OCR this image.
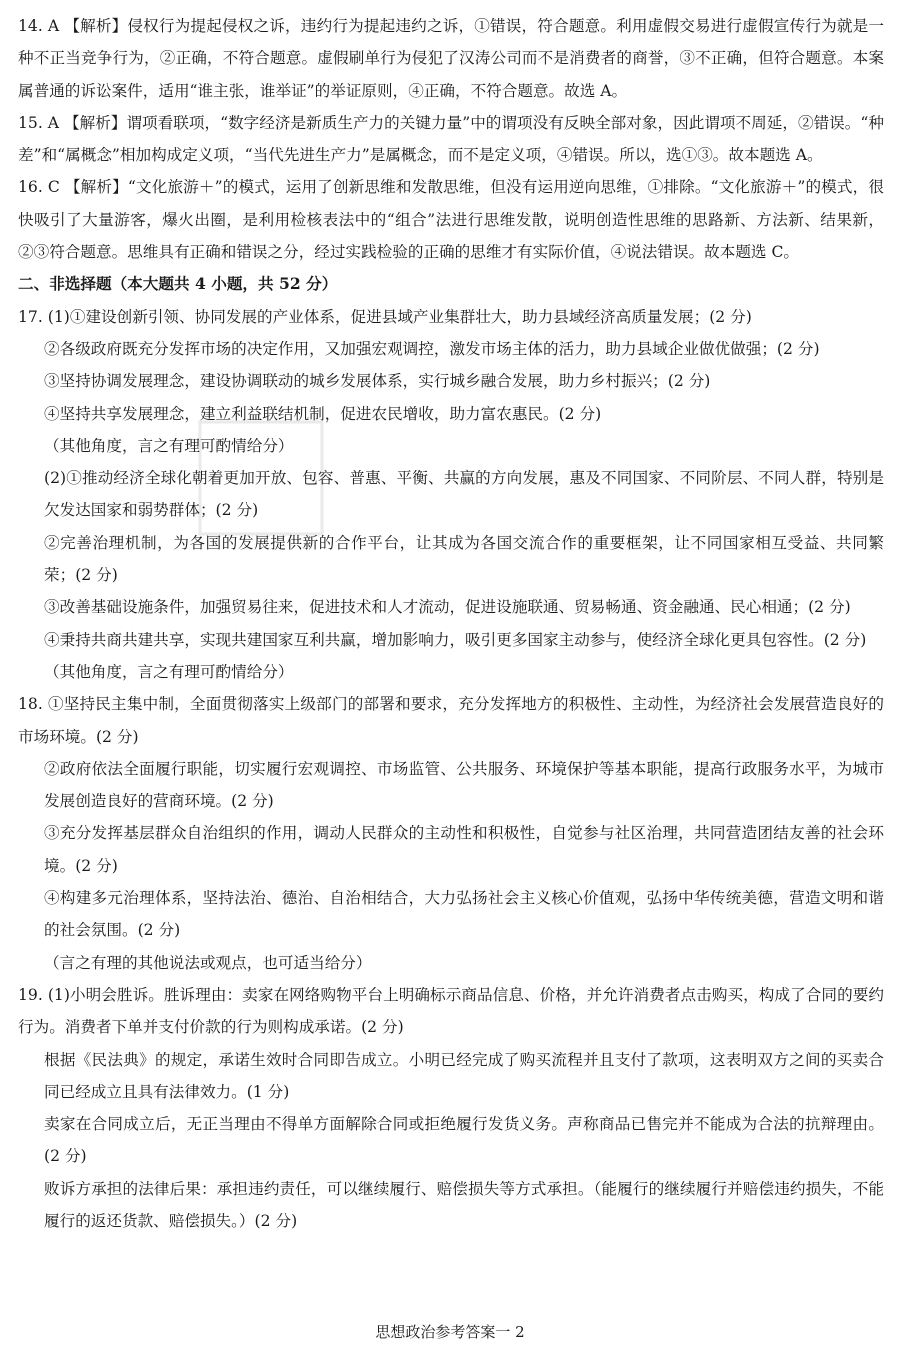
14. A 【解析】侵权行为提起侵权之诉，违约行为提起违约之诉，①错误，符合题意。利用虚假交易进行虚假宣传行为就是一种不正当竞争行为，②正确，不符合题意。虚假刷单行为侵犯了汉涛公司而不是消费者的商誉，③不正确，但符合题意。本案属普通的诉讼案件，适用“谁主张，谁举证”的举证原则，④正确，不符合题意。故选 A。

15. A 【解析】谓项看联项，“数字经济是新质生产力的关键力量”中的谓项没有反映全部对象，因此谓项不周延，②错误。“种差”和“属概念”相加构成定义项，“当代先进生产力”是属概念，而不是定义项，④错误。所以，选①③。故本题选 A。

16. C 【解析】“文化旅游＋”的模式，运用了创新思维和发散思维，但没有运用逆向思维，①排除。“文化旅游＋”的模式，很快吸引了大量游客，爆火出圈，是利用检核表法中的“组合”法进行思维发散，说明创造性思维的思路新、方法新、结果新，②③符合题意。思维具有正确和错误之分，经过实践检验的正确的思维才有实际价值，④说法错误。故本题选 C。

二、非选择题（本大题共 4 小题，共 52 分）

17. (1)①建设创新引领、协同发展的产业体系，促进县域产业集群壮大，助力县域经济高质量发展；(2 分)

②各级政府既充分发挥市场的决定作用，又加强宏观调控，激发市场主体的活力，助力县域企业做优做强；(2 分)

③坚持协调发展理念，建设协调联动的城乡发展体系，实行城乡融合发展，助力乡村振兴；(2 分)

④坚持共享发展理念，建立利益联结机制，促进农民增收，助力富农惠民。(2 分)

（其他角度，言之有理可酌情给分）

(2)①推动经济全球化朝着更加开放、包容、普惠、平衡、共赢的方向发展，惠及不同国家、不同阶层、不同人群，特别是欠发达国家和弱势群体；(2 分)

②完善治理机制，为各国的发展提供新的合作平台，让其成为各国交流合作的重要框架，让不同国家相互受益、共同繁荣；(2 分)

③改善基础设施条件，加强贸易往来，促进技术和人才流动，促进设施联通、贸易畅通、资金融通、民心相通；(2 分)

④秉持共商共建共享，实现共建国家互利共赢，增加影响力，吸引更多国家主动参与，使经济全球化更具包容性。(2 分)

（其他角度，言之有理可酌情给分）

18. ①坚持民主集中制，全面贯彻落实上级部门的部署和要求，充分发挥地方的积极性、主动性，为经济社会发展营造良好的市场环境。(2 分)

②政府依法全面履行职能，切实履行宏观调控、市场监管、公共服务、环境保护等基本职能，提高行政服务水平，为城市发展创造良好的营商环境。(2 分)

③充分发挥基层群众自治组织的作用，调动人民群众的主动性和积极性，自觉参与社区治理，共同营造团结友善的社会环境。(2 分)

④构建多元治理体系，坚持法治、德治、自治相结合，大力弘扬社会主义核心价值观，弘扬中华传统美德，营造文明和谐的社会氛围。(2 分)

（言之有理的其他说法或观点，也可适当给分）

19. (1)小明会胜诉。胜诉理由：卖家在网络购物平台上明确标示商品信息、价格，并允许消费者点击购买，构成了合同的要约行为。消费者下单并支付价款的行为则构成承诺。(2 分)

根据《民法典》的规定，承诺生效时合同即告成立。小明已经完成了购买流程并且支付了款项，这表明双方之间的买卖合同已经成立且具有法律效力。(1 分)

卖家在合同成立后，无正当理由不得单方面解除合同或拒绝履行发货义务。声称商品已售完并不能成为合法的抗辩理由。(2 分)

败诉方承担的法律后果：承担违约责任，可以继续履行、赔偿损失等方式承担。（能履行的继续履行并赔偿违约损失，不能履行的返还货款、赔偿损失。）(2 分)

思想政治参考答案一 2
